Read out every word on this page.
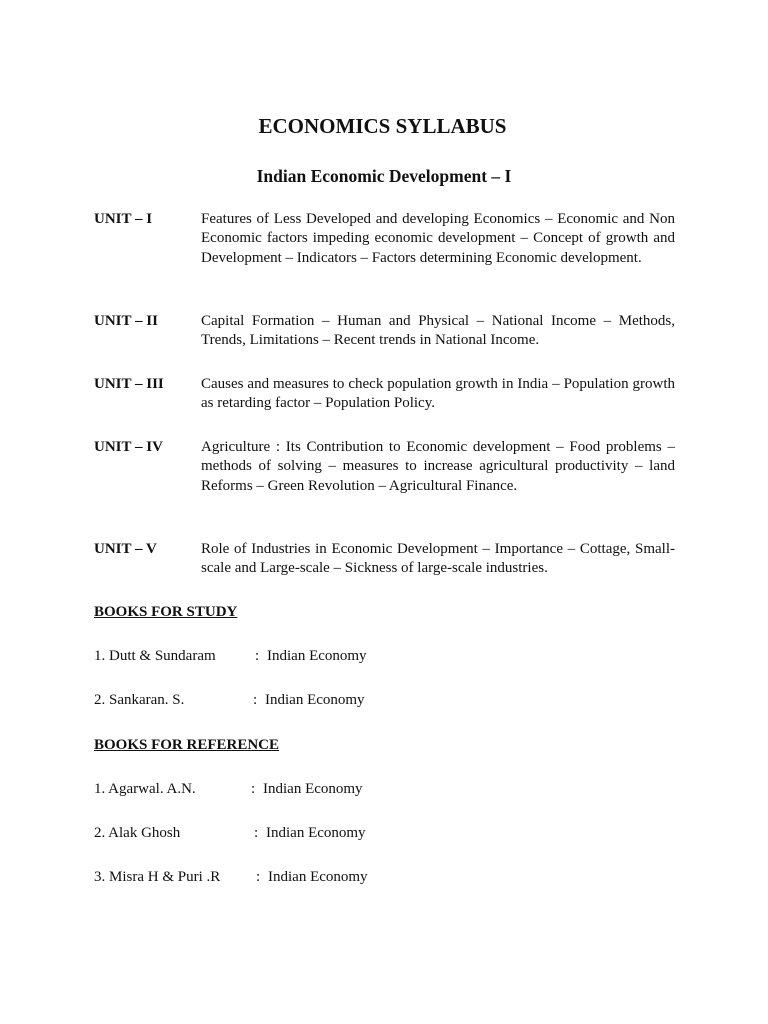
ECONOMICS SYLLABUS
Indian Economic Development – I
UNIT – I	Features of Less Developed and developing Economics – Economic and Non Economic factors impeding economic development – Concept of growth and Development – Indicators – Factors determining Economic development.
UNIT – II	Capital Formation – Human and Physical – National Income – Methods, Trends, Limitations – Recent trends in National Income.
UNIT – III Causes and measures to check population growth in India – Population growth as retarding factor – Population Policy.
UNIT – IV	Agriculture : Its Contribution to Economic development – Food problems – methods of solving – measures to increase agricultural productivity – land Reforms – Green Revolution – Agricultural Finance.
UNIT – V	Role of Industries in Economic Development – Importance – Cottage, Small-scale and Large-scale – Sickness of large-scale industries.
BOOKS FOR STUDY
1. Dutt & Sundaram	: Indian Economy
2. Sankaran. S.	: Indian Economy
BOOKS FOR REFERENCE
1. Agarwal. A.N.	: Indian Economy
2. Alak Ghosh	: Indian Economy
3. Misra H & Puri .R : Indian Economy
